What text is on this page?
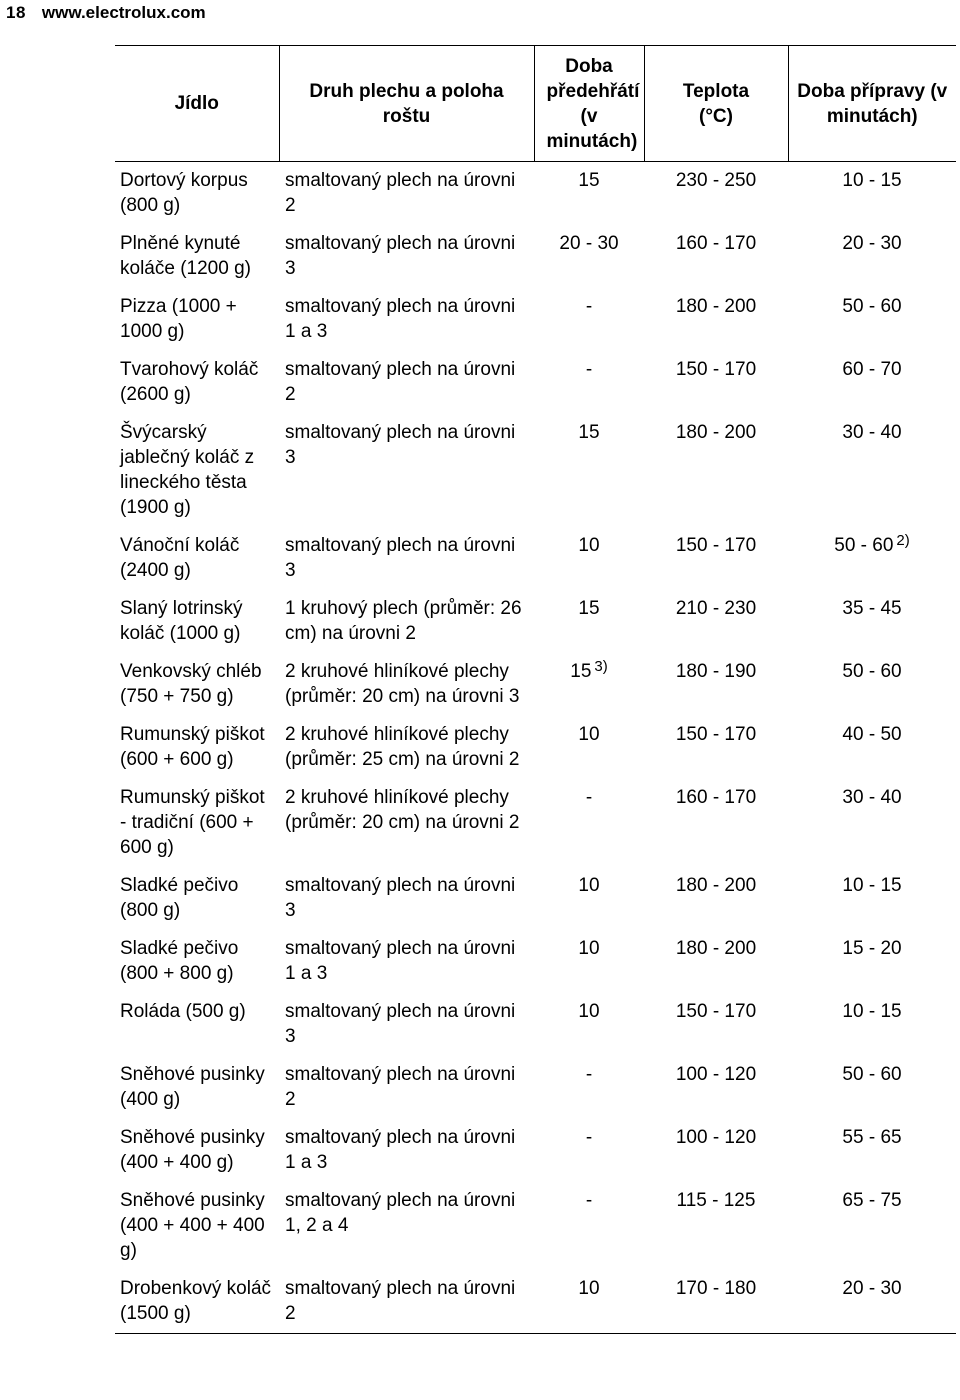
18 www.electrolux.com
Jídlo	Druh plechu a poloha roštu	Doba předehřátí (v minutách)	Teplota (°C)	Doba přípravy (v minutách)
Dortový korpus (800 g)	smaltovaný plech na úrovni 2	15	230 - 250	10 - 15
Plněné kynuté koláče (1200 g)	smaltovaný plech na úrovni 3	20 - 30	160 - 170	20 - 30
Pizza (1000 + 1000 g)	smaltovaný plech na úrovni 1 a 3	-	180 - 200	50 - 60
Tvarohový koláč (2600 g)	smaltovaný plech na úrovni 2	-	150 - 170	60 - 70
Švýcarský jablečný koláč z lineckého těsta (1900 g)	smaltovaný plech na úrovni 3	15	180 - 200	30 - 40
Vánoční koláč (2400 g)	smaltovaný plech na úrovni 3	10	150 - 170	50 - 60 $^{2)}$
Slaný lotrinský koláč (1000 g)	1 kruhový plech (průměr: 26 cm) na úrovni 2	15	210 - 230	35 - 45
Venkovský chléb (750 + 750 g)	2 kruhové hliníkové plechy (průměr: 20 cm) na úrovni 3	15 $^{3)}$	180 - 190	50 - 60
Rumunský piškot (600 + 600 g)	2 kruhové hliníkové plechy (průměr: 25 cm) na úrovni 2	10	150 - 170	40 - 50
Rumunský piškot - tradiční (600 + 600 g)	2 kruhové hliníkové plechy (průměr: 20 cm) na úrovni 2	-	160 - 170	30 - 40
Sladké pečivo (800 g)	smaltovaný plech na úrovni 3	10	180 - 200	10 - 15
Sladké pečivo (800 + 800 g)	smaltovaný plech na úrovni 1 a 3	10	180 - 200	15 - 20
Roláda (500 g)	smaltovaný plech na úrovni 3	10	150 - 170	10 - 15
Sněhové pusinky (400 g)	smaltovaný plech na úrovni 2	-	100 - 120	50 - 60
Sněhové pusinky (400 + 400 g)	smaltovaný plech na úrovni 1 a 3	-	100 - 120	55 - 65
Sněhové pusinky (400 + 400 + 400 g)	smaltovaný plech na úrovni 1, 2 a 4	-	115 - 125	65 - 75
Drobenkový koláč (1500 g)	smaltovaný plech na úrovni 2	10	170 - 180	20 - 30
